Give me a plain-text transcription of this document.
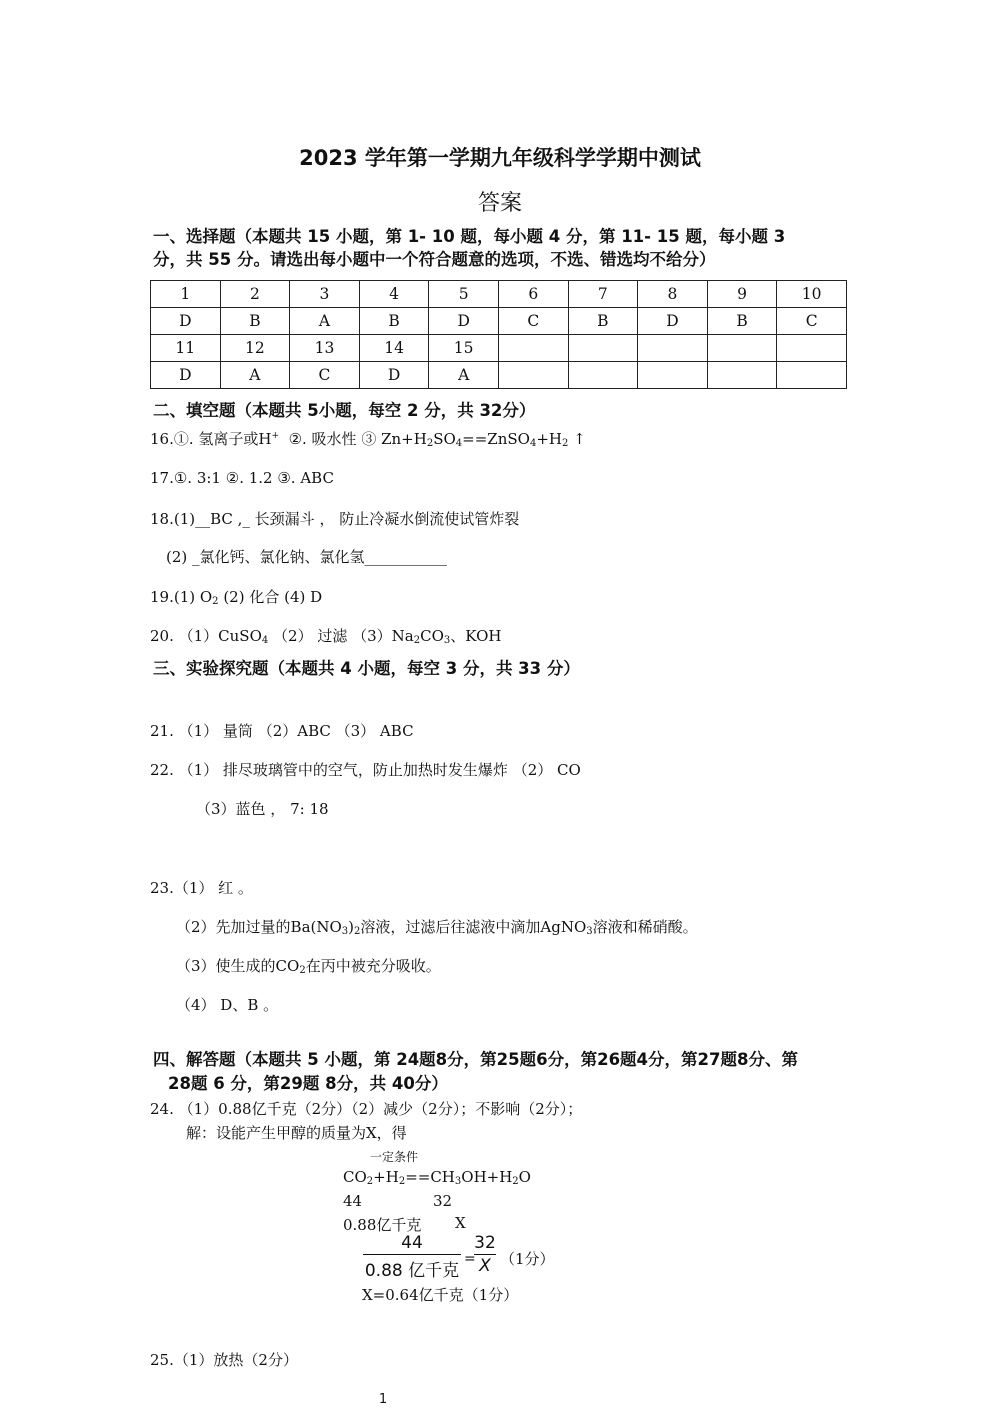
2023 学年第一学期九年级科学学期中测试
答案
一、选择题（本题共 15 小题，第 1- 10 题，每小题 4 分，第 11- 15 题，每小题 3
分，共 55 分。请选出每小题中一个符合题意的选项，不选、错选均不给分）
1	2	3	4	5	6	7	8	9	10
D	B	A	B	D	C	B	D	B	C
11	12	13	14	15					
D	A	C	D	A					
二、填空题（本题共 5小题，每空 2 分，共 32分）
16.①. 氢离子或H+ ②. 吸水性 ③ $Zn+H_2SO_4==ZnSO_4+H_2$ ↑
17.①. 3:1 ②. 1.2 ③. ABC
18.(1)__BC ,_ 长颈漏斗 ， 防止冷凝水倒流使试管炸裂
(2) _氯化钙、氯化钠、氯化氢___________
19.(1) $O_2$ (2) 化合 (4) D
20. （1）CuSO$_4$ （2） 过滤 $(3)Na_2CO_3$、KOH
三、实验探究题（本题共 4 小题，每空 3 分，共 33 分）
21. （1） 量筒 （2）ABC （3） ABC
22. （1） 排尽玻璃管中的空气，防止加热时发生爆炸 （2） CO
（3）蓝色 ， 7: 18
23.（1） 红 。
（2）先加过量的$Ba(NO_3)_2$溶液，过滤后往滤液中滴加AgNO$_3$溶液和稀硝酸。
（3）使生成的$CO_2$在丙中被充分吸收。
（4） D、B 。
四、解答题（本题共 5 小题，第 24题8分，第25题6分，第26题4分，第27题8分、第
28题 6 分，第29题 8分，共 40分）
24. （1）0.88亿千克（2分）（2）减少（2分）；不影响（2分）；
解：设能产生甲醇的质量为X，得
一定条件
$CO_2+H_2==CH_3OH+H_2O$
44	32
0.88亿千克 X
44
0.88 亿千克
=
32
X （1分）
X=0.64亿千克（1分）
25.（1）放热（2分）
1
